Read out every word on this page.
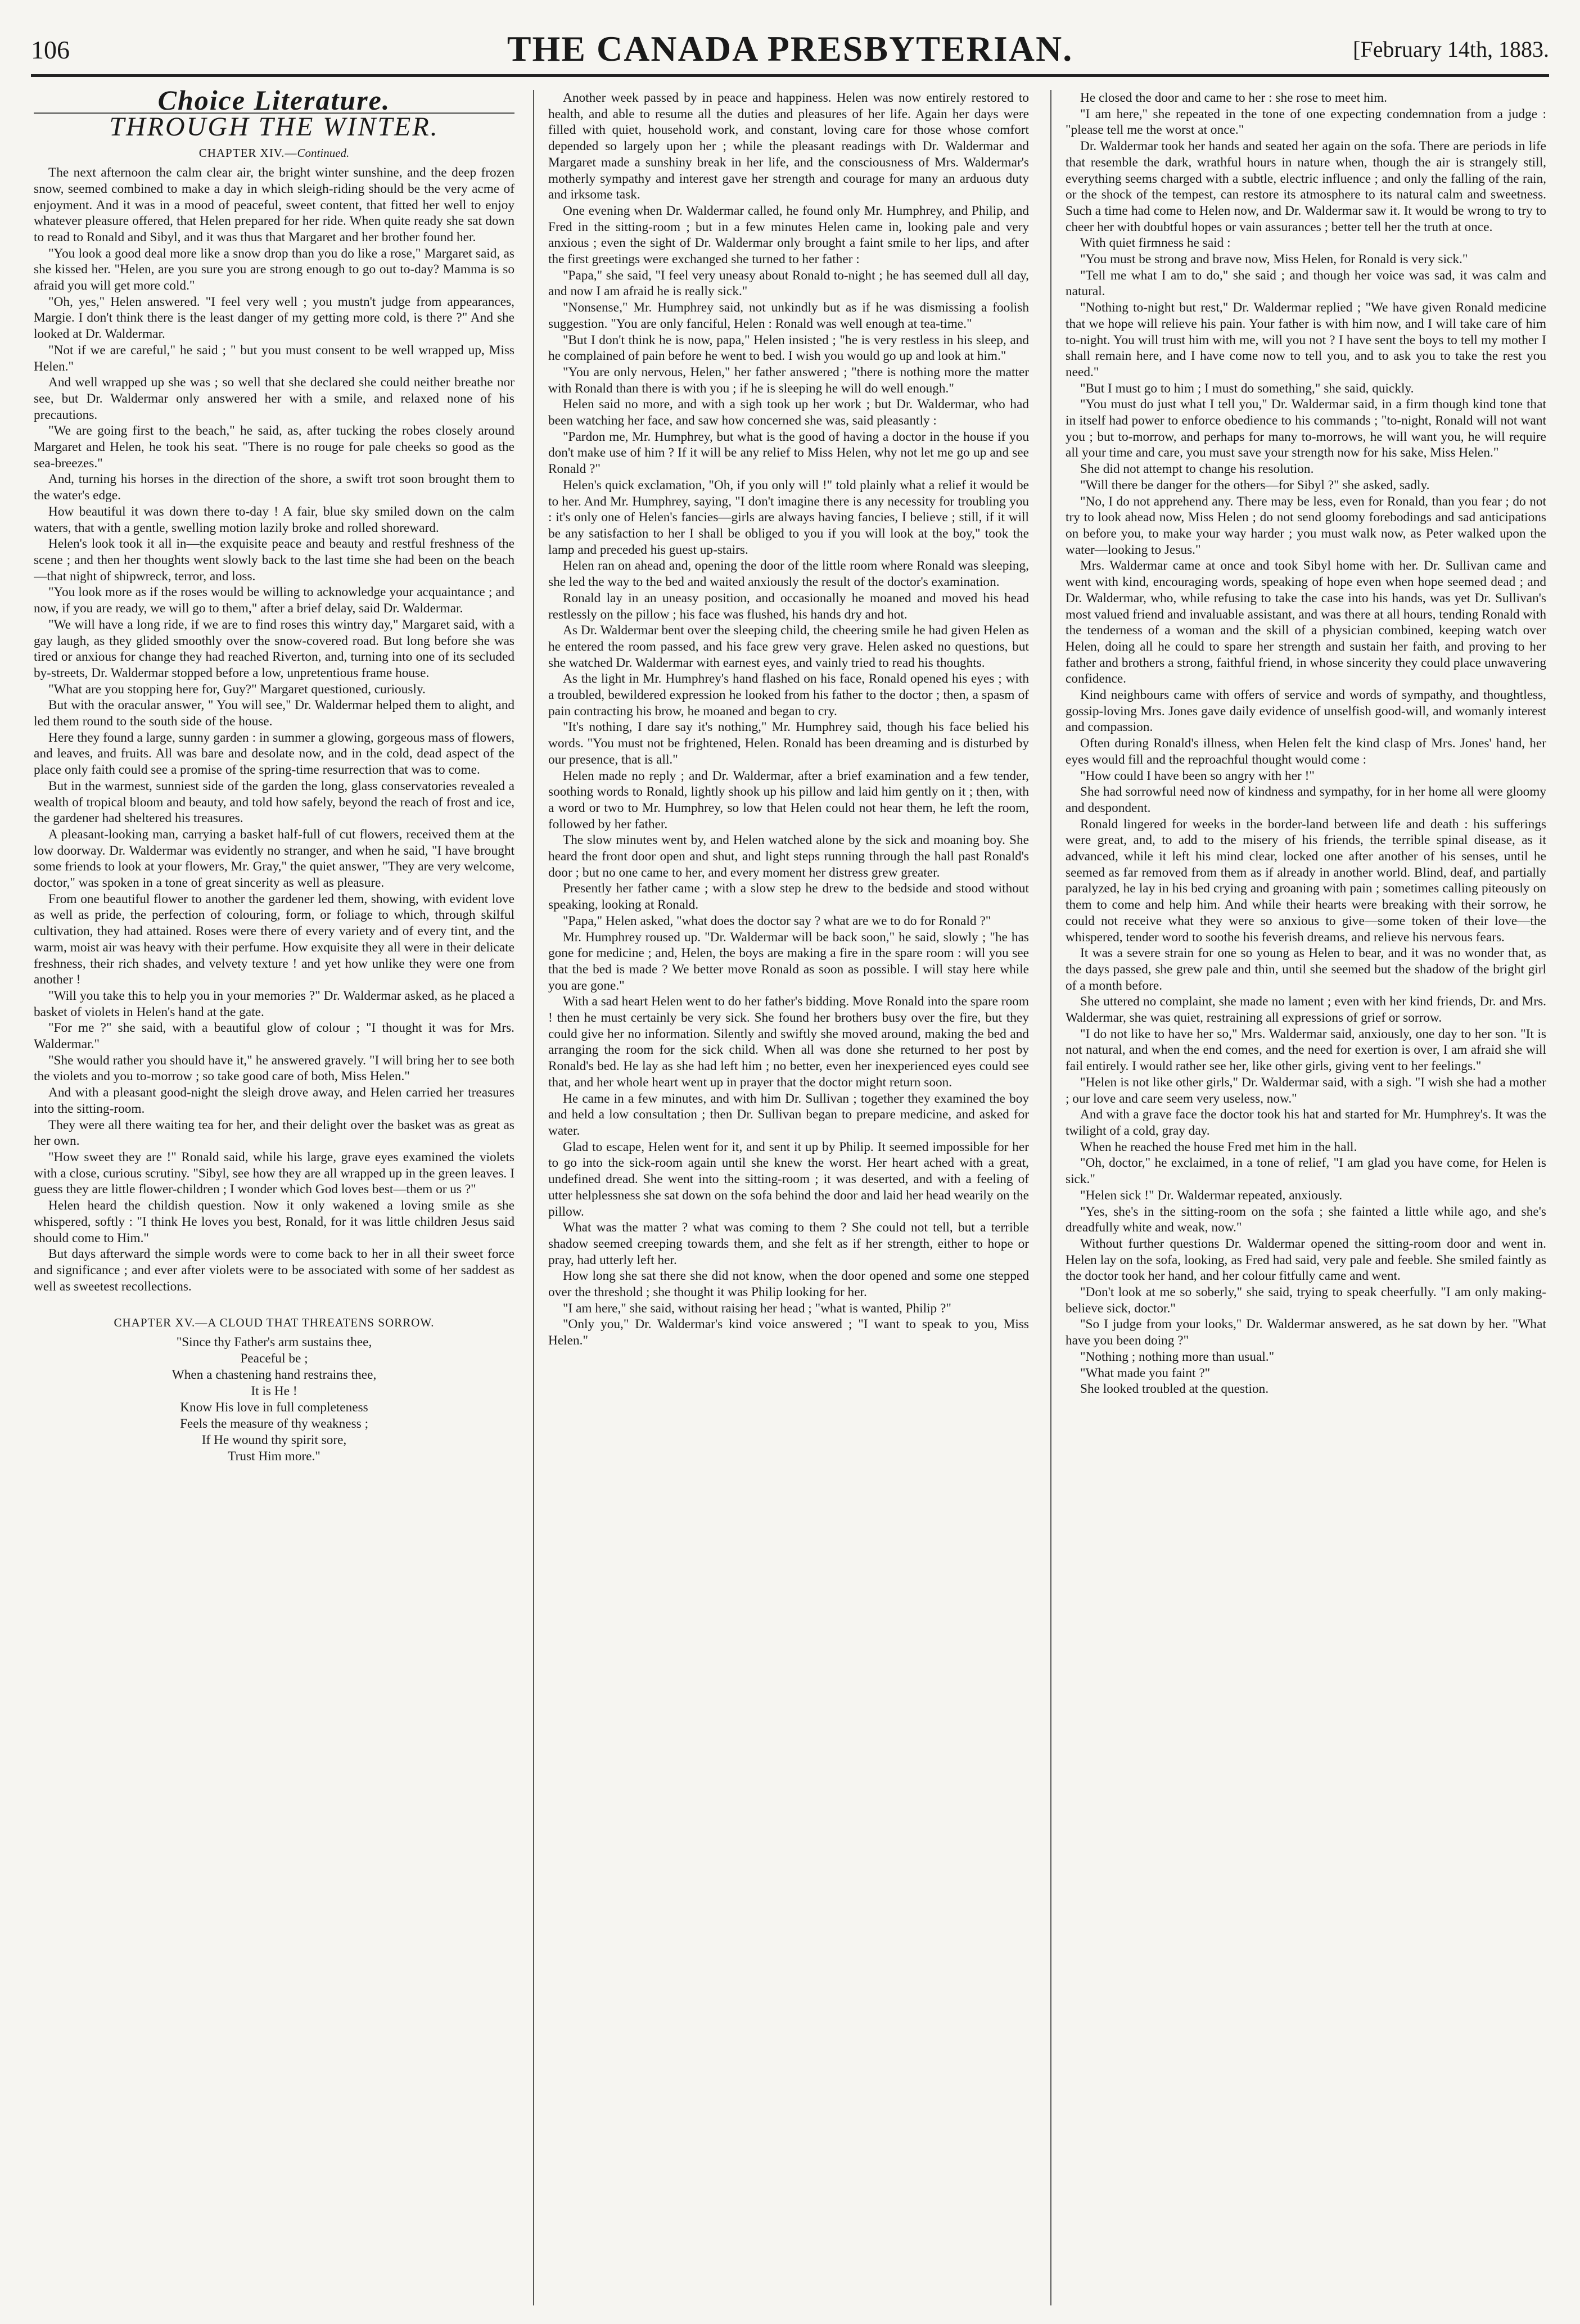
106	THE CANADA PRESBYTERIAN.	[February 14th, 1883.
Choice Literature.
THROUGH THE WINTER.
CHAPTER XIV.—Continued.

The next afternoon the calm clear air, the bright winter sunshine, and the deep frozen snow, seemed combined to make a day in which sleigh-riding should be the very acme of enjoyment. And it was in a mood of peaceful, sweet content, that fitted her well to enjoy whatever pleasure offered, that Helen prepared for her ride. When quite ready she sat down to read to Ronald and Sibyl, and it was thus that Margaret and her brother found her.

"You look a good deal more like a snow drop than you do like a rose," Margaret said, as she kissed her. "Helen, are you sure you are strong enough to go out to-day? Mamma is so afraid you will get more cold."

"Oh, yes," Helen answered. "I feel very well ; you mustn't judge from appearances, Margie. I don't think there is the least danger of my getting more cold, is there ?" And she looked at Dr. Waldermar.

"Not if we are careful," he said ; " but you must consent to be well wrapped up, Miss Helen."

And well wrapped up she was ; so well that she declared she could neither breathe nor see, but Dr. Waldermar only answered her with a smile, and relaxed none of his precautions.

"We are going first to the beach," he said, as, after tucking the robes closely around Margaret and Helen, he took his seat. "There is no rouge for pale cheeks so good as the sea-breezes."

And, turning his horses in the direction of the shore, a swift trot soon brought them to the water's edge.

How beautiful it was down there to-day ! A fair, blue sky smiled down on the calm waters, that with a gentle, swelling motion lazily broke and rolled shoreward.

Helen's look took it all in—the exquisite peace and beauty and restful freshness of the scene ; and then her thoughts went slowly back to the last time she had been on the beach—that night of shipwreck, terror, and loss.

"You look more as if the roses would be willing to acknowledge your acquaintance ; and now, if you are ready, we will go to them," after a brief delay, said Dr. Waldermar.

"We will have a long ride, if we are to find roses this wintry day," Margaret said, with a gay laugh, as they glided smoothly over the snow-covered road. But long before she was tired or anxious for change they had reached Riverton, and, turning into one of its secluded by-streets, Dr. Waldermar stopped before a low, unpretentious frame house.

"What are you stopping here for, Guy?" Margaret questioned, curiously.

But with the oracular answer, " You will see," Dr. Waldermar helped them to alight, and led them round to the south side of the house.

Here they found a large, sunny garden : in summer a glowing, gorgeous mass of flowers, and leaves, and fruits. All was bare and desolate now, and in the cold, dead aspect of the place only faith could see a promise of the spring-time resurrection that was to come.

But in the warmest, sunniest side of the garden the long, glass conservatories revealed a wealth of tropical bloom and beauty, and told how safely, beyond the reach of frost and ice, the gardener had sheltered his treasures.

A pleasant-looking man, carrying a basket half-full of cut flowers, received them at the low doorway. Dr. Waldermar was evidently no stranger, and when he said, "I have brought some friends to look at your flowers, Mr. Gray," the quiet answer, "They are very welcome, doctor," was spoken in a tone of great sincerity as well as pleasure.

From one beautiful flower to another the gardener led them, showing, with evident love as well as pride, the perfection of colouring, form, or foliage to which, through skilful cultivation, they had attained. Roses were there of every variety and of every tint, and the warm, moist air was heavy with their perfume. How exquisite they all were in their delicate freshness, their rich shades, and velvety texture ! and yet how unlike they were one from another !

"Will you take this to help you in your memories ?" Dr. Waldermar asked, as he placed a basket of violets in Helen's hand at the gate.

"For me ?" she said, with a beautiful glow of colour ; "I thought it was for Mrs. Waldermar."

"She would rather you should have it," he answered gravely. "I will bring her to see both the violets and you to-morrow ; so take good care of both, Miss Helen."

And with a pleasant good-night the sleigh drove away, and Helen carried her treasures into the sitting-room.

They were all there waiting tea for her, and their delight over the basket was as great as her own.

"How sweet they are !" Ronald said, while his large, grave eyes examined the violets with a close, curious scrutiny. "Sibyl, see how they are all wrapped up in the green leaves. I guess they are little flower-children ; I wonder which God loves best—them or us ?"

Helen heard the childish question. Now it only wakened a loving smile as she whispered, softly : "I think He loves you best, Ronald, for it was little children Jesus said should come to Him."

But days afterward the simple words were to come back to her in all their sweet force and significance ; and ever after violets were to be associated with some of her saddest as well as sweetest recollections.

CHAPTER XV.—A CLOUD THAT THREATENS SORROW.
"Since thy Father's arm sustains thee,
Peaceful be ;
When a chastening hand restrains thee,
It is He !
Know His love in full completeness
Feels the measure of thy weakness ;
If He wound thy spirit sore,
Trust Him more."

Another week passed by in peace and happiness. Helen was now entirely restored to health, and able to resume all the duties and pleasures of her life. Again her days were filled with quiet, household work, and constant, loving care for those whose comfort depended so largely upon her ; while the pleasant readings with Dr. Waldermar and Margaret made a sunshiny break in her life, and the consciousness of Mrs. Waldermar's motherly sympathy and interest gave her strength and courage for many an arduous duty and irksome task.

One evening when Dr. Waldermar called, he found only Mr. Humphrey, and Philip, and Fred in the sitting-room ; but in a few minutes Helen came in, looking pale and very anxious ; even the sight of Dr. Waldermar only brought a faint smile to her lips, and after the first greetings were exchanged she turned to her father :

"Papa," she said, "I feel very uneasy about Ronald to-night ; he has seemed dull all day, and now I am afraid he is really sick."

"Nonsense," Mr. Humphrey said, not unkindly but as if he was dismissing a foolish suggestion. "You are only fanciful, Helen : Ronald was well enough at tea-time."

"But I don't think he is now, papa," Helen insisted ; "he is very restless in his sleep, and he complained of pain before he went to bed. I wish you would go up and look at him."

"You are only nervous, Helen," her father answered ; "there is nothing more the matter with Ronald than there is with you ; if he is sleeping he will do well enough."

Helen said no more, and with a sigh took up her work ; but Dr. Waldermar, who had been watching her face, and saw how concerned she was, said pleasantly :

"Pardon me, Mr. Humphrey, but what is the good of having a doctor in the house if you don't make use of him ? If it will be any relief to Miss Helen, why not let me go up and see Ronald ?"

Helen's quick exclamation, "Oh, if you only will !" told plainly what a relief it would be to her. And Mr. Humphrey, saying, "I don't imagine there is any necessity for troubling you : it's only one of Helen's fancies—girls are always having fancies, I believe ; still, if it will be any satisfaction to her I shall be obliged to you if you will look at the boy," took the lamp and preceded his guest up-stairs.

Helen ran on ahead and, opening the door of the little room where Ronald was sleeping, she led the way to the bed and waited anxiously the result of the doctor's examination.

Ronald lay in an uneasy position, and occasionally he moaned and moved his head restlessly on the pillow ; his face was flushed, his hands dry and hot.

As Dr. Waldermar bent over the sleeping child, the cheering smile he had given Helen as he entered the room passed, and his face grew very grave. Helen asked no questions, but she watched Dr. Waldermar with earnest eyes, and vainly tried to read his thoughts.

As the light in Mr. Humphrey's hand flashed on his face, Ronald opened his eyes ; with a troubled, bewildered expression he looked from his father to the doctor ; then, a spasm of pain contracting his brow, he moaned and began to cry.

"It's nothing, I dare say it's nothing," Mr. Humphrey said, though his face belied his words. "You must not be frightened, Helen. Ronald has been dreaming and is disturbed by our presence, that is all."

Helen made no reply ; and Dr. Waldermar, after a brief examination and a few tender, soothing words to Ronald, lightly shook up his pillow and laid him gently on it ; then, with a word or two to Mr. Humphrey, so low that Helen could not hear them, he left the room, followed by her father.

The slow minutes went by, and Helen watched alone by the sick and moaning boy. She heard the front door open and shut, and light steps running through the hall past Ronald's door ; but no one came to her, and every moment her distress grew greater.

Presently her father came ; with a slow step he drew to the bedside and stood without speaking, looking at Ronald.

"Papa," Helen asked, "what does the doctor say ? what are we to do for Ronald ?"

Mr. Humphrey roused up. "Dr. Waldermar will be back soon," he said, slowly ; "he has gone for medicine ; and, Helen, the boys are making a fire in the spare room : will you see that the bed is made ? We better move Ronald as soon as possible. I will stay here while you are gone."

With a sad heart Helen went to do her father's bidding. Move Ronald into the spare room ! then he must certainly be very sick. She found her brothers busy over the fire, but they could give her no information. Silently and swiftly she moved around, making the bed and arranging the room for the sick child. When all was done she returned to her post by Ronald's bed. He lay as she had left him ; no better, even her inexperienced eyes could see that, and her whole heart went up in prayer that the doctor might return soon.

He came in a few minutes, and with him Dr. Sullivan ; together they examined the boy and held a low consultation ; then Dr. Sullivan began to prepare medicine, and asked for water.

Glad to escape, Helen went for it, and sent it up by Philip. It seemed impossible for her to go into the sick-room again until she knew the worst. Her heart ached with a great, undefined dread. She went into the sitting-room ; it was deserted, and with a feeling of utter helplessness she sat down on the sofa behind the door and laid her head wearily on the pillow.

What was the matter ? what was coming to them ? She could not tell, but a terrible shadow seemed creeping towards them, and she felt as if her strength, either to hope or pray, had utterly left her.

How long she sat there she did not know, when the door opened and some one stepped over the threshold ; she thought it was Philip looking for her.

"I am here," she said, without raising her head ; "what is wanted, Philip ?"

"Only you," Dr. Waldermar's kind voice answered ; "I want to speak to you, Miss Helen."

He closed the door and came to her : she rose to meet him.

"I am here," she repeated in the tone of one expecting condemnation from a judge : "please tell me the worst at once."

Dr. Waldermar took her hands and seated her again on the sofa. There are periods in life that resemble the dark, wrathful hours in nature when, though the air is strangely still, everything seems charged with a subtle, electric influence ; and only the falling of the rain, or the shock of the tempest, can restore its atmosphere to its natural calm and sweetness. Such a time had come to Helen now, and Dr. Waldermar saw it. It would be wrong to try to cheer her with doubtful hopes or vain assurances ; better tell her the truth at once.

With quiet firmness he said :

"You must be strong and brave now, Miss Helen, for Ronald is very sick."

"Tell me what I am to do," she said ; and though her voice was sad, it was calm and natural.

"Nothing to-night but rest," Dr. Waldermar replied ; "We have given Ronald medicine that we hope will relieve his pain. Your father is with him now, and I will take care of him to-night. You will trust him with me, will you not ? I have sent the boys to tell my mother I shall remain here, and I have come now to tell you, and to ask you to take the rest you need."

"But I must go to him ; I must do something," she said, quickly.

"You must do just what I tell you," Dr. Waldermar said, in a firm though kind tone that in itself had power to enforce obedience to his commands ; "to-night, Ronald will not want you ; but to-morrow, and perhaps for many to-morrows, he will want you, he will require all your time and care, you must save your strength now for his sake, Miss Helen."

She did not attempt to change his resolution.

"Will there be danger for the others—for Sibyl ?" she asked, sadly.

"No, I do not apprehend any. There may be less, even for Ronald, than you fear ; do not try to look ahead now, Miss Helen ; do not send gloomy forebodings and sad anticipations on before you, to make your way harder ; you must walk now, as Peter walked upon the water—looking to Jesus."

Mrs. Waldermar came at once and took Sibyl home with her. Dr. Sullivan came and went with kind, encouraging words, speaking of hope even when hope seemed dead ; and Dr. Waldermar, who, while refusing to take the case into his hands, was yet Dr. Sullivan's most valued friend and invaluable assistant, and was there at all hours, tending Ronald with the tenderness of a woman and the skill of a physician combined, keeping watch over Helen, doing all he could to spare her strength and sustain her faith, and proving to her father and brothers a strong, faithful friend, in whose sincerity they could place unwavering confidence.

Kind neighbours came with offers of service and words of sympathy, and thoughtless, gossip-loving Mrs. Jones gave daily evidence of unselfish good-will, and womanly interest and compassion.

Often during Ronald's illness, when Helen felt the kind clasp of Mrs. Jones' hand, her eyes would fill and the reproachful thought would come :

"How could I have been so angry with her !"

She had sorrowful need now of kindness and sympathy, for in her home all were gloomy and despondent.

Ronald lingered for weeks in the border-land between life and death : his sufferings were great, and, to add to the misery of his friends, the terrible spinal disease, as it advanced, while it left his mind clear, locked one after another of his senses, until he seemed as far removed from them as if already in another world. Blind, deaf, and partially paralyzed, he lay in his bed crying and groaning with pain ; sometimes calling piteously on them to come and help him. And while their hearts were breaking with their sorrow, he could not receive what they were so anxious to give—some token of their love—the whispered, tender word to soothe his feverish dreams, and relieve his nervous fears.

It was a severe strain for one so young as Helen to bear, and it was no wonder that, as the days passed, she grew pale and thin, until she seemed but the shadow of the bright girl of a month before.

She uttered no complaint, she made no lament ; even with her kind friends, Dr. and Mrs. Waldermar, she was quiet, restraining all expressions of grief or sorrow.

"I do not like to have her so," Mrs. Waldermar said, anxiously, one day to her son. "It is not natural, and when the end comes, and the need for exertion is over, I am afraid she will fail entirely. I would rather see her, like other girls, giving vent to her feelings."

"Helen is not like other girls," Dr. Waldermar said, with a sigh. "I wish she had a mother ; our love and care seem very useless, now."

And with a grave face the doctor took his hat and started for Mr. Humphrey's. It was the twilight of a cold, gray day.

When he reached the house Fred met him in the hall.

"Oh, doctor," he exclaimed, in a tone of relief, "I am glad you have come, for Helen is sick."

"Helen sick !" Dr. Waldermar repeated, anxiously.

"Yes, she's in the sitting-room on the sofa ; she fainted a little while ago, and she's dreadfully white and weak, now."

Without further questions Dr. Waldermar opened the sitting-room door and went in. Helen lay on the sofa, looking, as Fred had said, very pale and feeble. She smiled faintly as the doctor took her hand, and her colour fitfully came and went.

"Don't look at me so soberly," she said, trying to speak cheerfully. "I am only making-believe sick, doctor."

"So I judge from your looks," Dr. Waldermar answered, as he sat down by her. "What have you been doing ?"

"Nothing ; nothing more than usual."

"What made you faint ?"

She looked troubled at the question.
